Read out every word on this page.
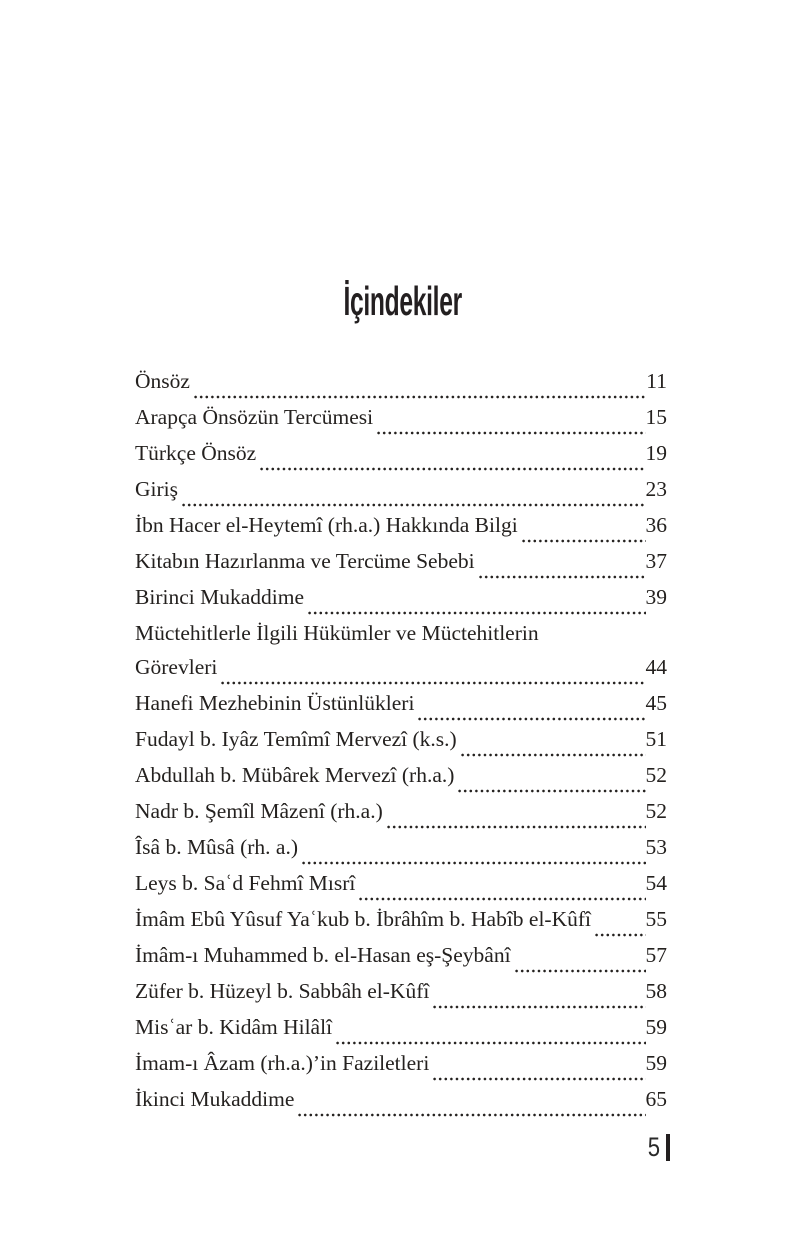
İçindekiler
Önsöz	11
Arapça Önsözün Tercümesi	15
Türkçe Önsöz	19
Giriş	23
İbn Hacer el-Heytemî (rh.a.) Hakkında Bilgi	36
Kitabın Hazırlanma ve Tercüme Sebebi	37
Birinci Mukaddime	39
Müctehitlerle İlgili Hükümler ve Müctehitlerin
Görevleri	44
Hanefi Mezhebinin Üstünlükleri	45
Fudayl b. Iyâz Temîmî Mervezî (k.s.)	51
Abdullah b. Mübârek Mervezî (rh.a.)	52
Nadr b. Şemîl Mâzenî (rh.a.)	52
Îsâ b. Mûsâ (rh. a.)	53
Leys b. Saʿd Fehmî Mısrî	54
İmâm Ebû Yûsuf Yaʿkub b. İbrâhîm b. Habîb el-Kûfî	55
İmâm-ı Muhammed b. el-Hasan eş-Şeybânî	57
Züfer b. Hüzeyl b. Sabbâh el-Kûfî	58
Misʿar b. Kidâm Hilâlî	59
İmam-ı Âzam (rh.a.)’in Faziletleri	59
İkinci Mukaddime	65
5
